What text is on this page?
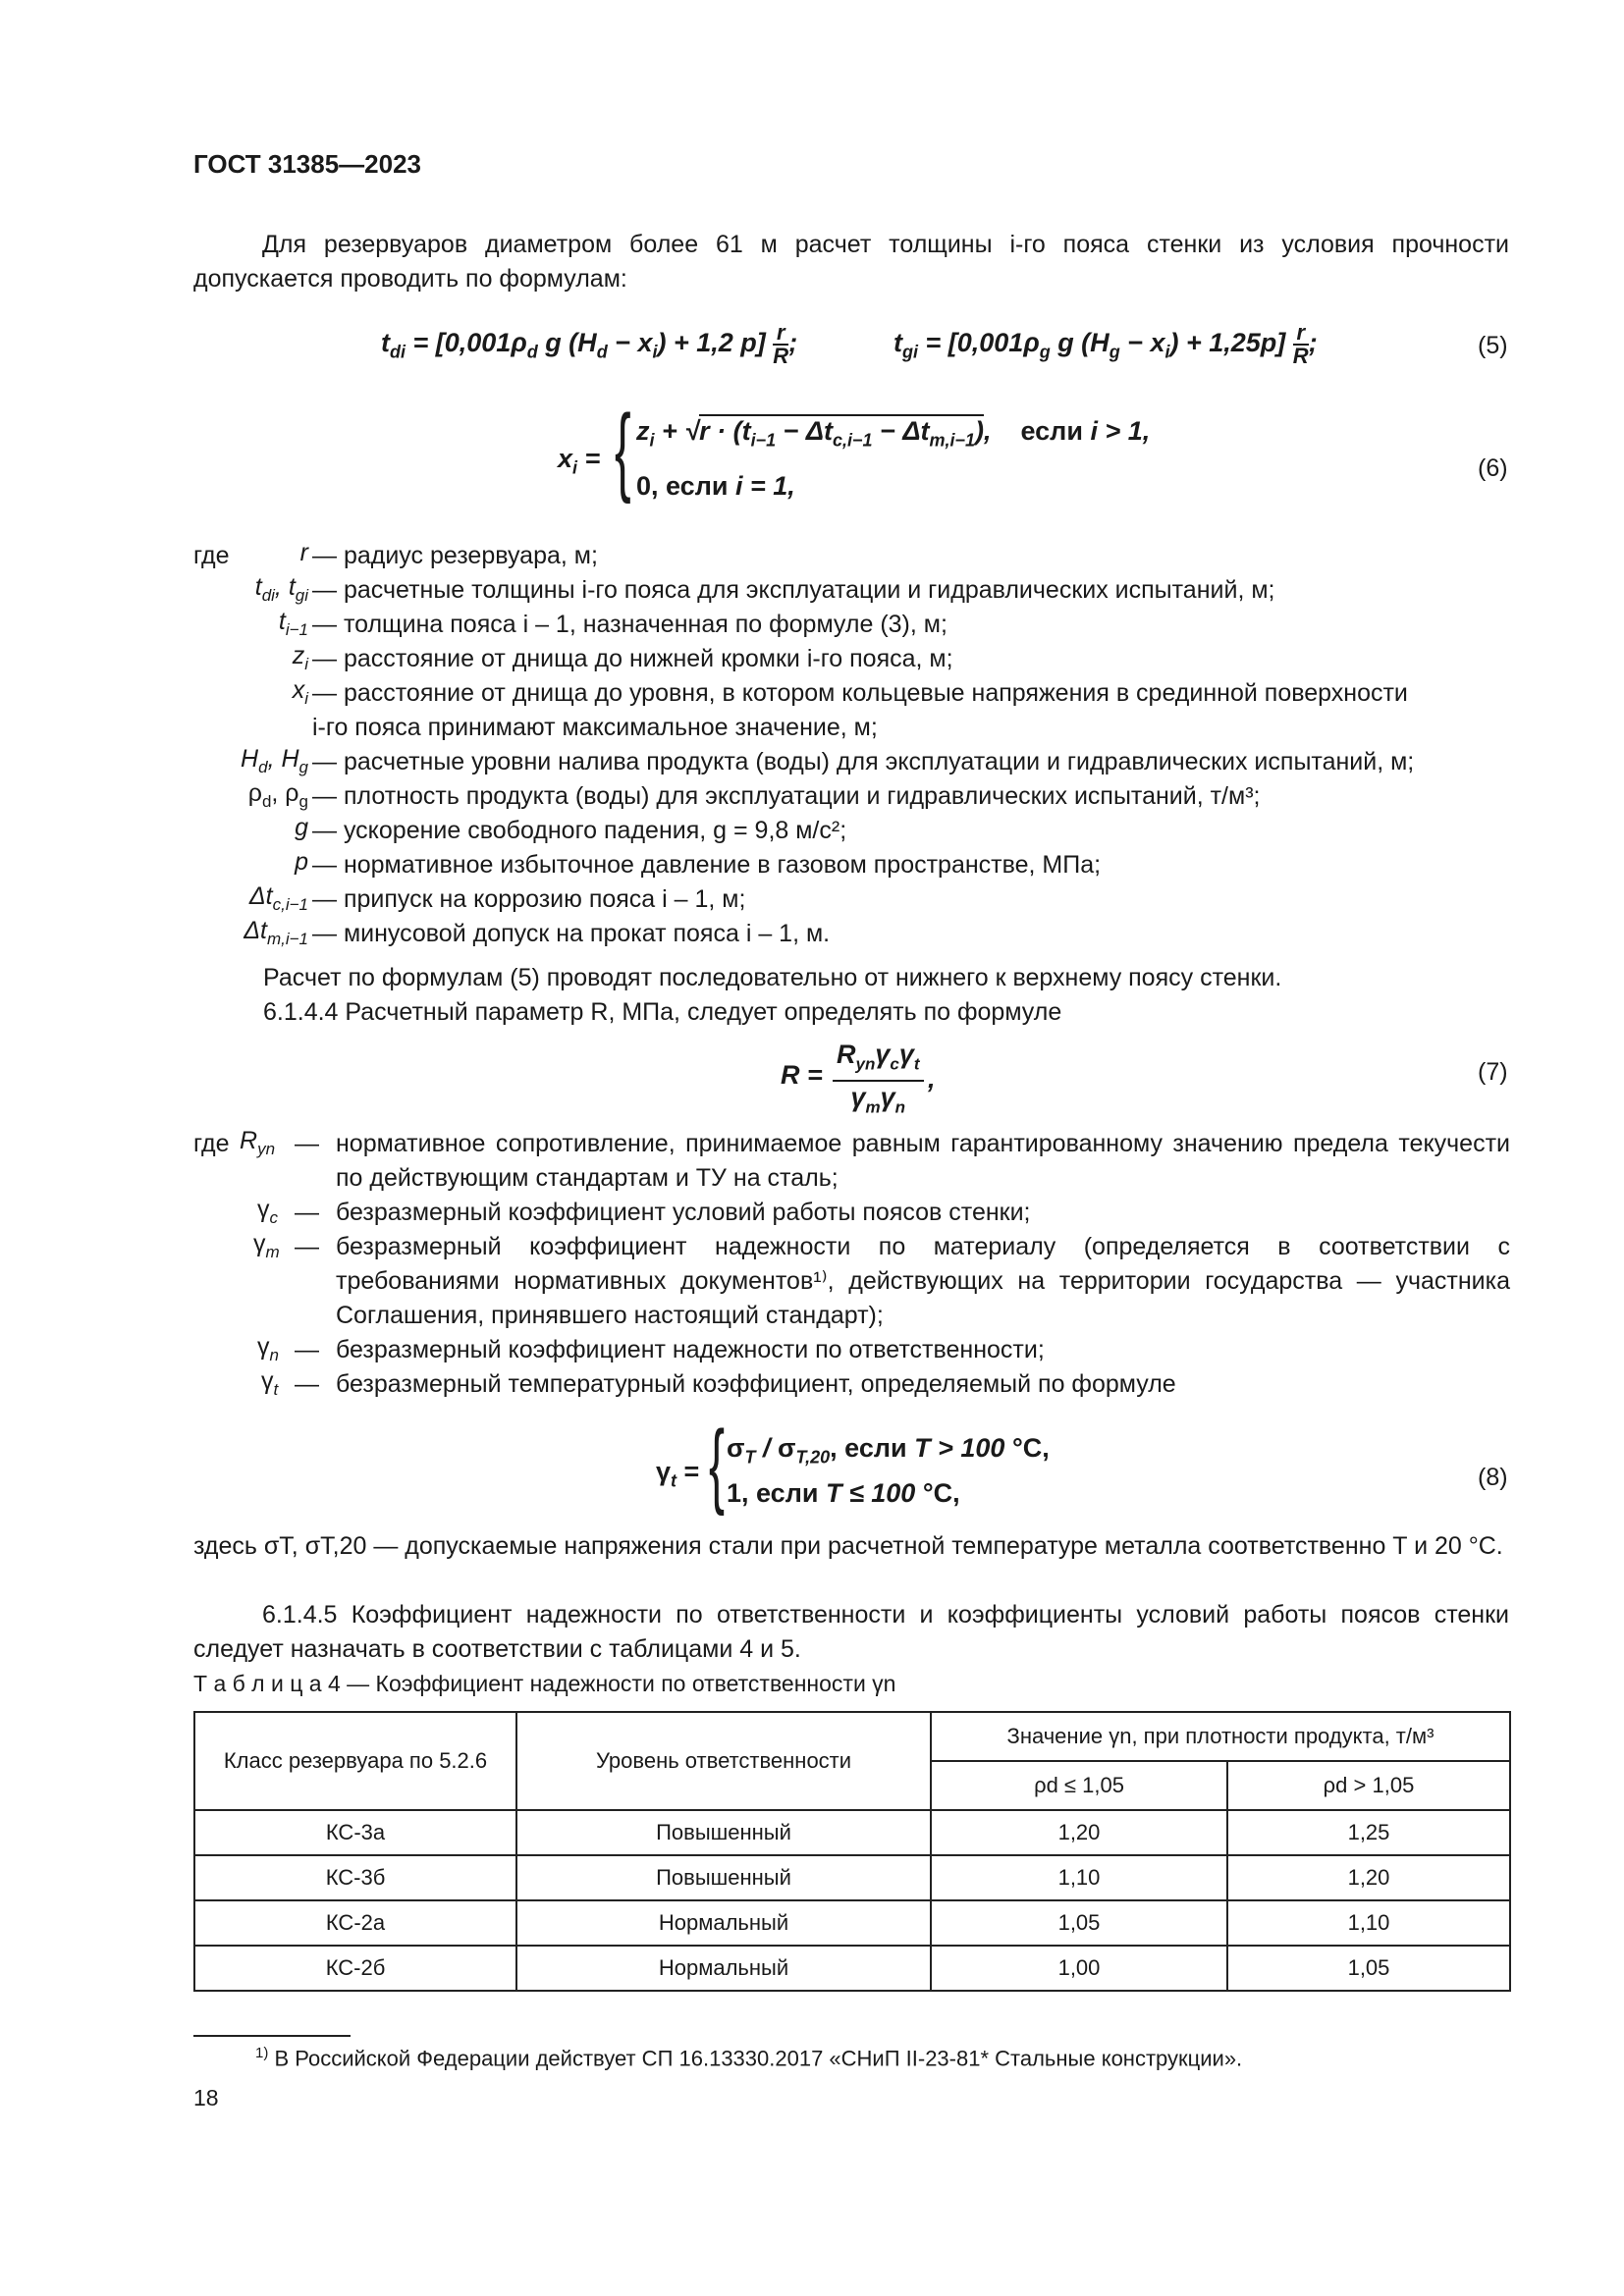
ГОСТ 31385—2023
Для резервуаров диаметром более 61 м расчет толщины i-го пояса стенки из условия прочности допускается проводить по формулам:
$t_{di} = [0,001\rho_d$ g $(H_d - x_i) + 1,2$ $p] \frac{r}{R}$ ;	$t_{gi} = [0,001\rho_g$ g $(H_g - x_i) + 1,25p] \frac{r}{R}$ ;	(5)
$x_i$ = { $z_i + √r \cdot (t_{i-1} - \Delta t_{c,i-1} - \Delta t_{m,i-1})$,    если i > 1,
0, если i = 1,
(6)
где	r — радиус резервуара, м;
$t_{di}$, $t_{gi}$ — расчетные толщины i-го пояса для эксплуатации и гидравлических испытаний, м;
$t_{i-1}$ — толщина пояса i – 1, назначенная по формуле (3), м;
$z_i$ — расстояние от днища до нижней кромки i-го пояса, м;
$x_i$ — расстояние от днища до уровня, в котором кольцевые напряжения в срединной поверхности
i-го пояса принимают максимальное значение, м;
$H_d$, $H_g$ — расчетные уровни налива продукта (воды) для эксплуатации и гидравлических испытаний, м;
$\rho_d$, $\rho_g$ — плотность продукта (воды) для эксплуатации и гидравлических испытаний, т/м³;
g — ускорение свободного падения, g = 9,8 м/с²;
p — нормативное избыточное давление в газовом пространстве, МПа;
$\Delta t_{c,i-1}$ — припуск на коррозию пояса i – 1, м;
$\Delta t_{m,i-1}$ — минусовой допуск на прокат пояса i – 1, м.
Расчет по формулам (5) проводят последовательно от нижнего к верхнему поясу стенки.
6.1.4.4 Расчетный параметр R, МПа, следует определять по формуле
R =
$R_{yn}\gamma_c\gamma_t$
$\gamma_m\gamma_n$
,	(7)
где $R_{yn}$ — нормативное сопротивление, принимаемое равным гарантированному значению предела текучести по действующим стандартам и ТУ на сталь;
$\gamma_c$ — безразмерный коэффициент условий работы поясов стенки;
$\gamma_m$ — безразмерный коэффициент надежности по материалу (определяется в соответствии с требованиями нормативных документов¹⁾, действующих на территории государства — участника Соглашения, принявшего настоящий стандарт);
$\gamma_n$ — безразмерный коэффициент надежности по ответственности;
$\gamma_t$ — безразмерный температурный коэффициент, определяемый по формуле
$\gamma_t$ = { $\sigma_T / \sigma_{T,20}$, если T > 100 °С,
1, если T ≤ 100 °С,
(8)
здесь σT, σT,20 — допускаемые напряжения стали при расчетной температуре металла соответственно T и 20 °С.
6.1.4.5 Коэффициент надежности по ответственности и коэффициенты условий работы поясов стенки следует назначать в соответствии с таблицами 4 и 5.
Т а б л и ц а 4 — Коэффициент надежности по ответственности γn
Класс резервуара по 5.2.6	Уровень ответственности	Значение γn, при плотности продукта, т/м³	
		ρd ≤ 1,05	ρd > 1,05
КС-3а	Повышенный	1,20	1,25
КС-3б	Повышенный	1,10	1,20
КС-2а	Нормальный	1,05	1,10
КС-2б	Нормальный	1,00	1,05
$^{1)}$ В Российской Федерации действует СП 16.13330.2017 «СНиП II-23-81* Стальные конструкции».
18
